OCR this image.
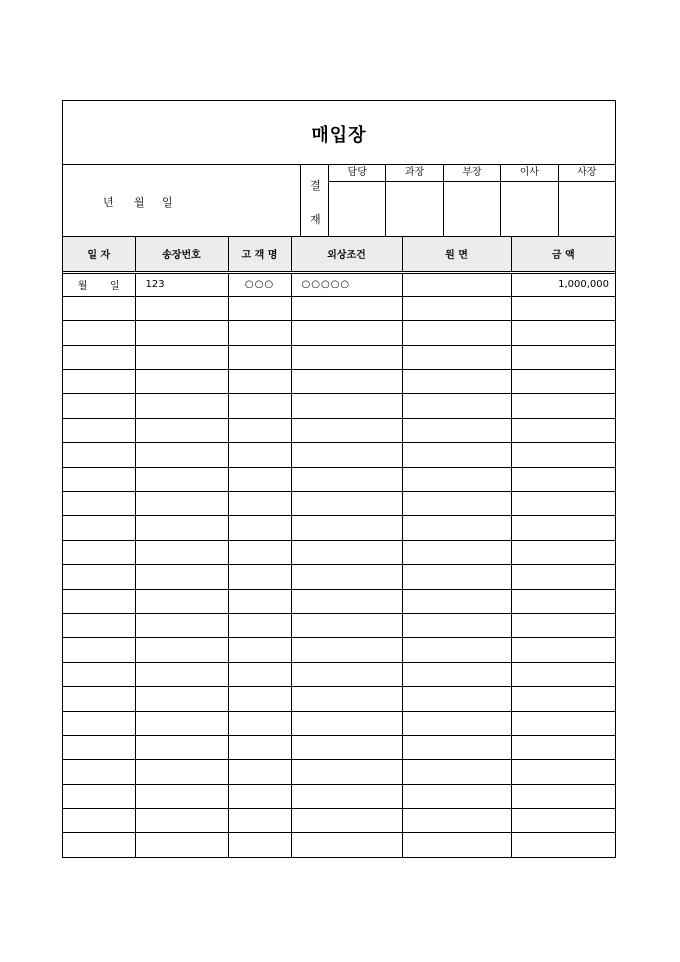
매입장
년 월 일
결
재
담당	과장	부장	이사	사장
일 자	송장번호	고 객 명	외상조건	원 면	금 액
월 일	123	○○○	○○○○○		1,000,000
